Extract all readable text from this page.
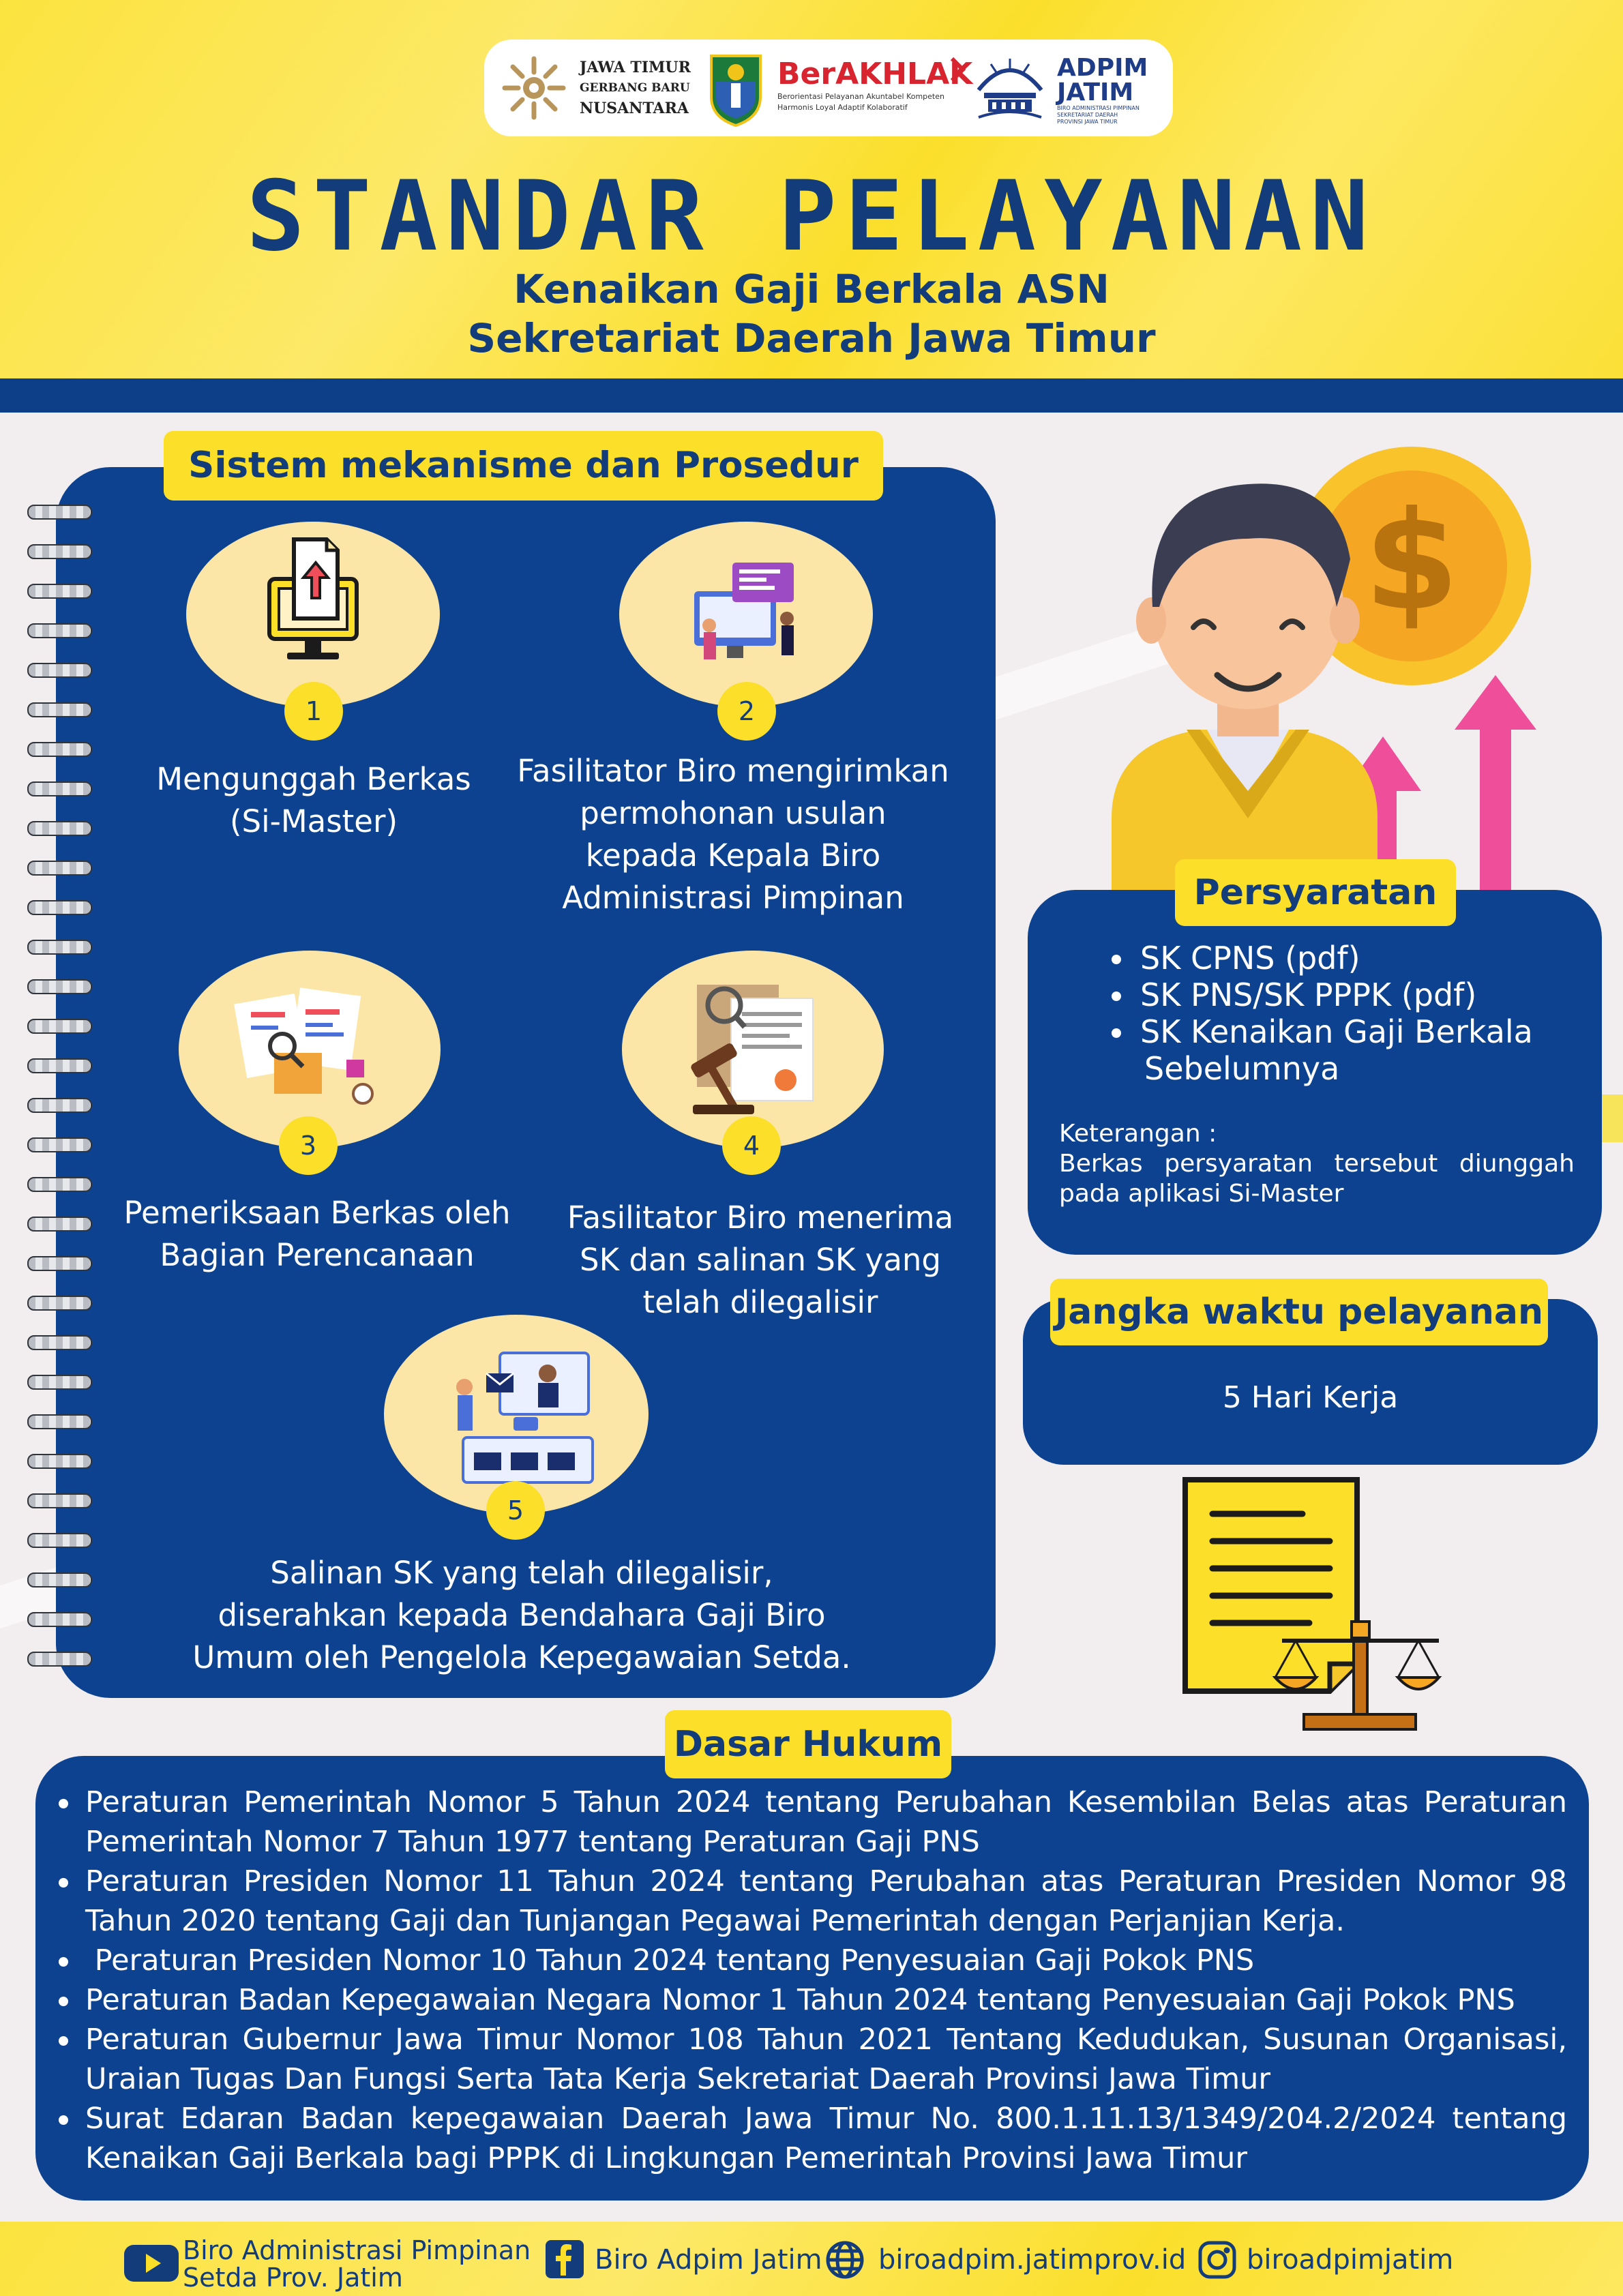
JAWA TIMUR
GERBANG BARU
NUSANTARA
BerAKHLAK
Berorientasi Pelayanan Akuntabel Kompeten
Harmonis Loyal Adaptif Kolaboratif
ADPIM
JATIM
BIRO ADMINISTRASI PIMPINAN
SEKRETARIAT DAERAH
PROVINSI JAWA TIMUR
STANDAR PELAYANAN
Kenaikan Gaji Berkala ASN
Sekretariat Daerah Jawa Timur
Sistem mekanisme dan Prosedur
1
Mengunggah Berkas
(Si-Master)
2
Fasilitator Biro mengirimkan
permohonan usulan
kepada Kepala Biro
Administrasi Pimpinan
3
Pemeriksaan Berkas oleh
Bagian Perencanaan
4
Fasilitator Biro menerima
SK dan salinan SK yang
telah dilegalisir
5
Salinan SK yang telah dilegalisir,
diserahkan kepada Bendahara Gaji Biro
Umum oleh Pengelola Kepegawaian Setda.
$
Persyaratan
SK CPNS (pdf)
SK PNS/SK PPPK (pdf)
SK Kenaikan Gaji Berkala
Sebelumnya
Keterangan :
Berkas persyaratan tersebut diunggah
pada aplikasi Si-Master
Jangka waktu pelayanan
5 Hari Kerja
Dasar Hukum
Peraturan Pemerintah Nomor 5 Tahun 2024 tentang Perubahan Kesembilan Belas atas Peraturan Pemerintah Nomor 7 Tahun 1977 tentang Peraturan Gaji PNS
Peraturan Presiden Nomor 11 Tahun 2024 tentang Perubahan atas Peraturan Presiden Nomor 98 Tahun 2020 tentang Gaji dan Tunjangan Pegawai Pemerintah dengan Perjanjian Kerja.
Peraturan Presiden Nomor 10 Tahun 2024 tentang Penyesuaian Gaji Pokok PNS
Peraturan Badan Kepegawaian Negara Nomor 1 Tahun 2024 tentang Penyesuaian Gaji Pokok PNS
Peraturan Gubernur Jawa Timur Nomor 108 Tahun 2021 Tentang Kedudukan, Susunan Organisasi, Uraian Tugas Dan Fungsi Serta Tata Kerja Sekretariat Daerah Provinsi Jawa Timur
Surat Edaran Badan kepegawaian Daerah Jawa Timur No. 800.1.11.13/1349/204.2/2024 tentang Kenaikan Gaji Berkala bagi PPPK di Lingkungan Pemerintah Provinsi Jawa Timur
Biro Administrasi Pimpinan
Setda Prov. Jatim
Biro Adpim Jatim biroadpim.jatimprov.id biroadpimjatim
